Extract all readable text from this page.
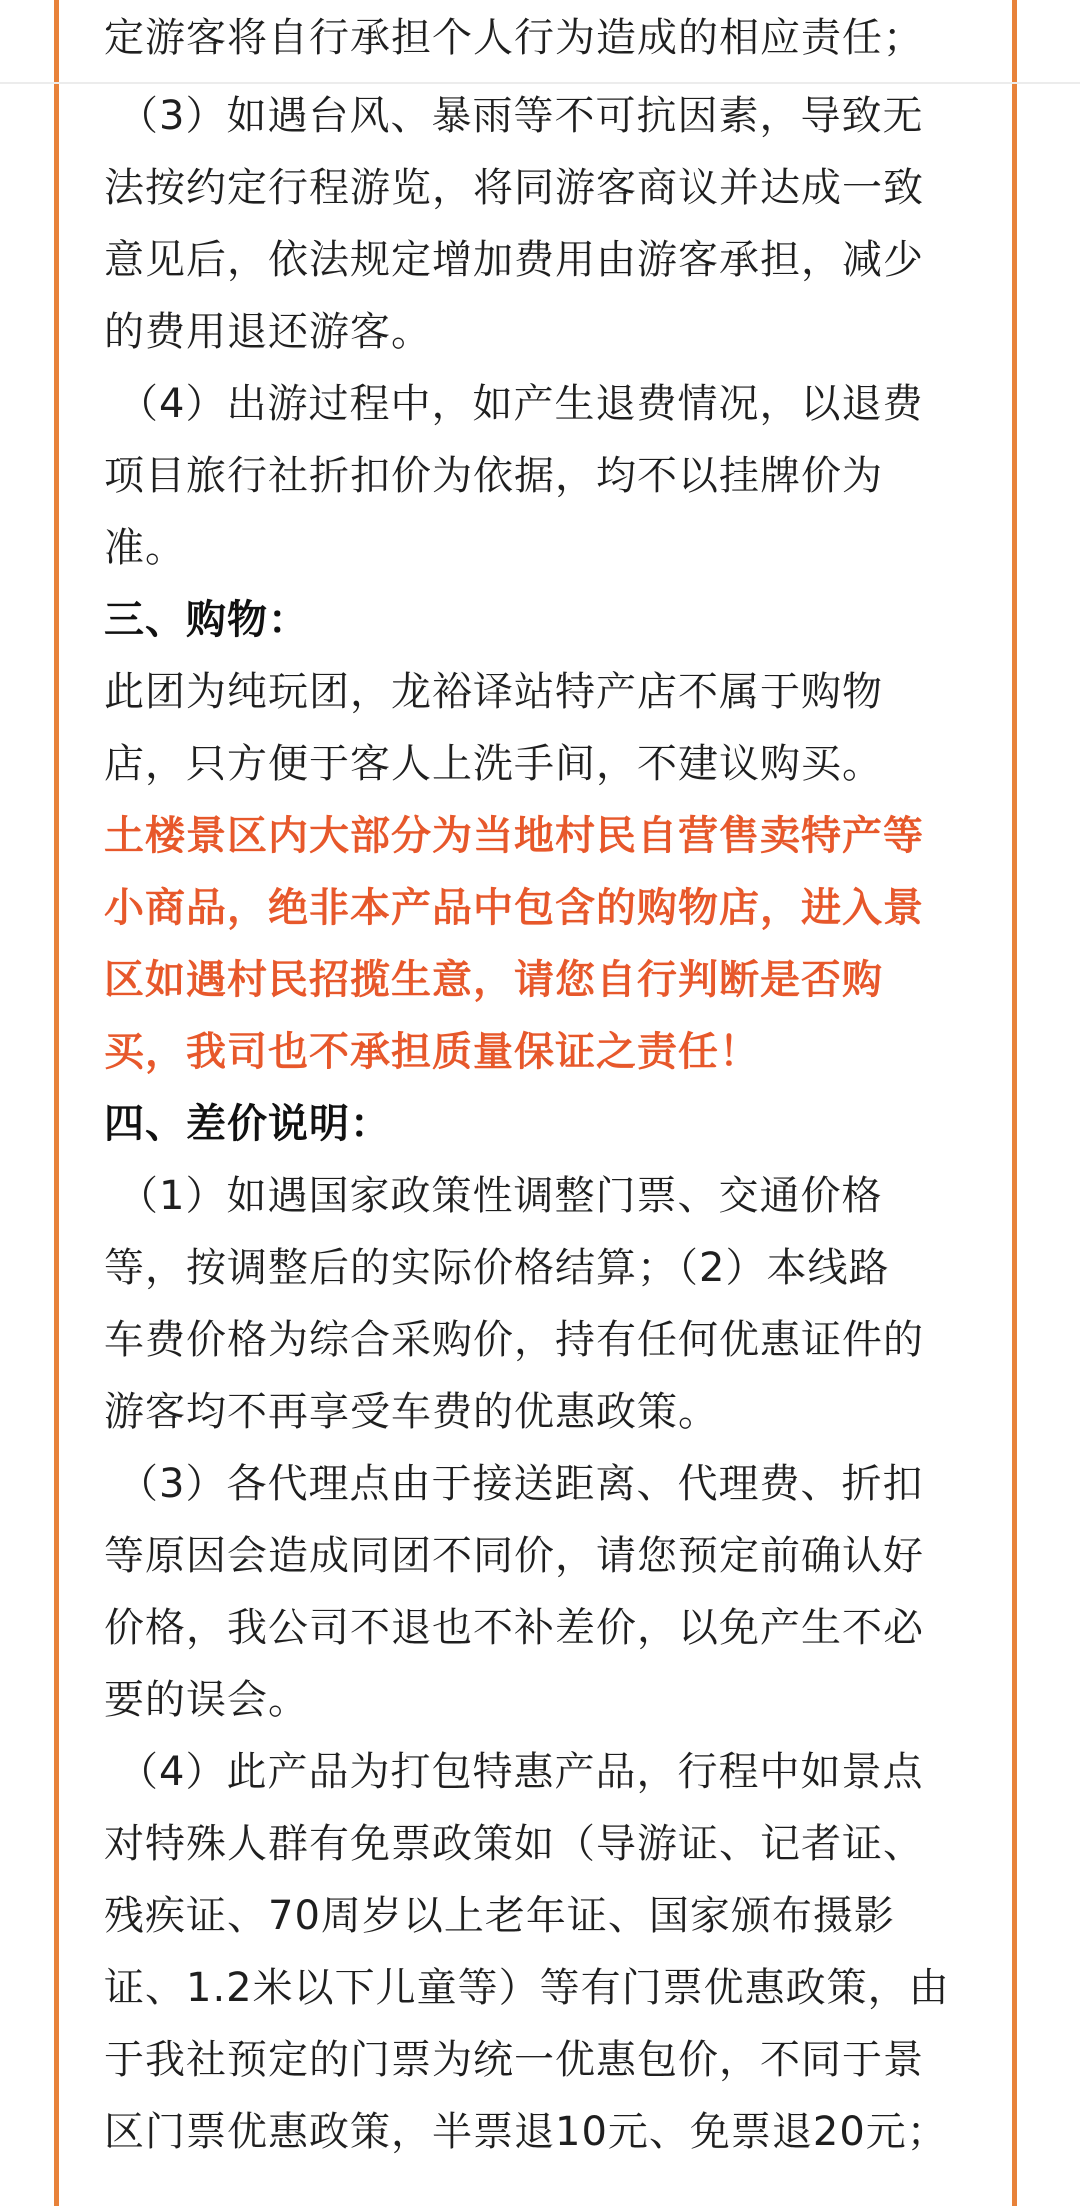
定游客将自行承担个人行为造成的相应责任；
（3）如遇台风、暴雨等不可抗因素，导致无
法按约定行程游览，将同游客商议并达成一致
意见后，依法规定增加费用由游客承担，减少
的费用退还游客。
（4）出游过程中，如产生退费情况，以退费
项目旅行社折扣价为依据，均不以挂牌价为
准。
三、购物：
此团为纯玩团，龙裕译站特产店不属于购物
店，只方便于客人上洗手间，不建议购买。
土楼景区内大部分为当地村民自营售卖特产等
小商品，绝非本产品中包含的购物店，进入景
区如遇村民招揽生意，请您自行判断是否购
买，我司也不承担质量保证之责任！
四、差价说明：
（1）如遇国家政策性调整门票、交通价格
等，按调整后的实际价格结算；（2）本线路
车费价格为综合采购价，持有任何优惠证件的
游客均不再享受车费的优惠政策。
（3）各代理点由于接送距离、代理费、折扣
等原因会造成同团不同价，请您预定前确认好
价格，我公司不退也不补差价，以免产生不必
要的误会。
（4）此产品为打包特惠产品，行程中如景点
对特殊人群有免票政策如（导游证、记者证、
残疾证、70周岁以上老年证、国家颁布摄影
证、1.2米以下儿童等）等有门票优惠政策，由
于我社预定的门票为统一优惠包价，不同于景
区门票优惠政策，半票退10元、免票退20元；
